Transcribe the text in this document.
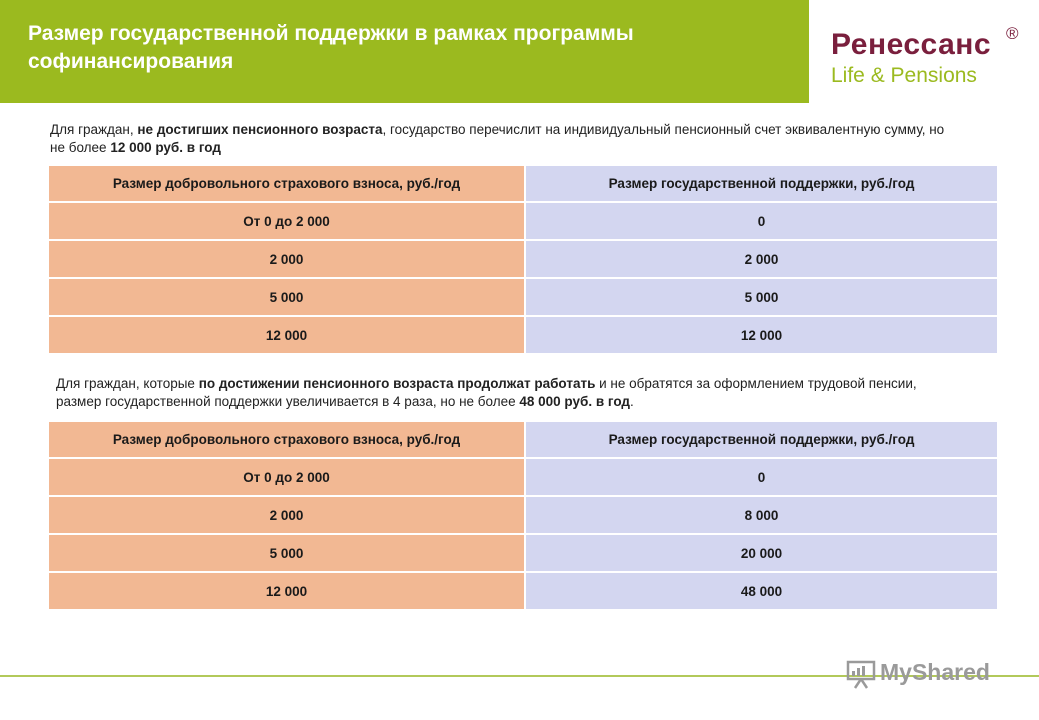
Размер государственной поддержки в рамках программы софинансирования
Ренессанс ®
Life & Pensions
Для граждан, не достигших пенсионного возраста, государство перечислит на индивидуальный пенсионный счет эквивалентную сумму, но не более 12 000 руб. в год
Размер добровольного страхового взноса, руб./год	Размер государственной поддержки, руб./год
От 0 до 2 000	0
2 000	2 000
5 000	5 000
12 000	12 000
Для граждан, которые по достижении пенсионного возраста продолжат работать и не обратятся за оформлением трудовой пенсии, размер государственной поддержки увеличивается в 4 раза, но не более 48 000 руб. в год.
Размер добровольного страхового взноса, руб./год	Размер государственной поддержки, руб./год
От 0 до 2 000	0
2 000	8 000
5 000	20 000
12 000	48 000
MyShared
